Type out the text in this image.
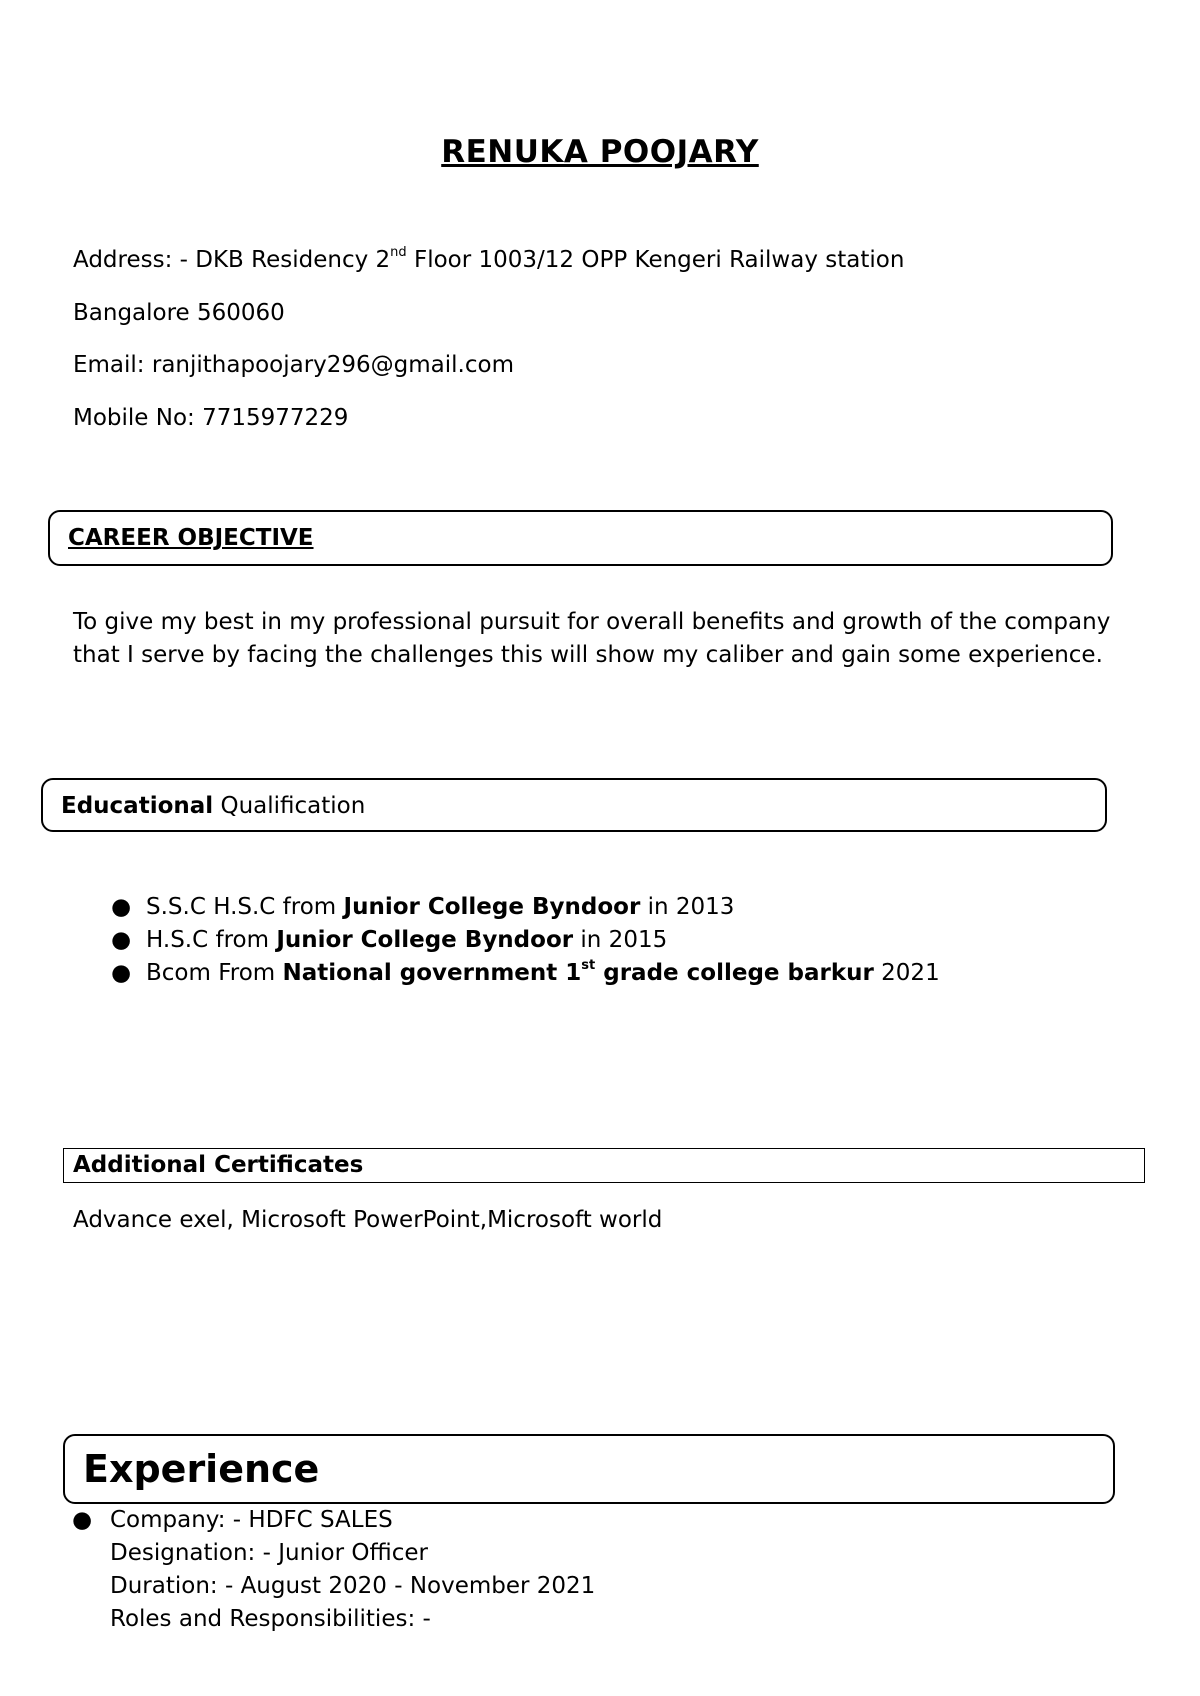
RENUKA POOJARY
Address: - DKB Residency 2nd Floor 1003/12 OPP Kengeri Railway station
Bangalore 560060
Email: ranjithapoojary296@gmail.com
Mobile No: 7715977229
CAREER OBJECTIVE
To give my best in my professional pursuit for overall benefits and growth of the company that I serve by facing the challenges this will show my caliber and gain some experience.
Educational Qualification
● S.S.C H.S.C from Junior College Byndoor in 2013
● H.S.C from Junior College Byndoor in 2015
● Bcom From National government 1st grade college barkur 2021
Additional Certificates
Advance exel, Microsoft PowerPoint,Microsoft world
Experience
● Company: - HDFC SALES
Designation: - Junior Officer
Duration: - August 2020 - November 2021
Roles and Responsibilities: -
